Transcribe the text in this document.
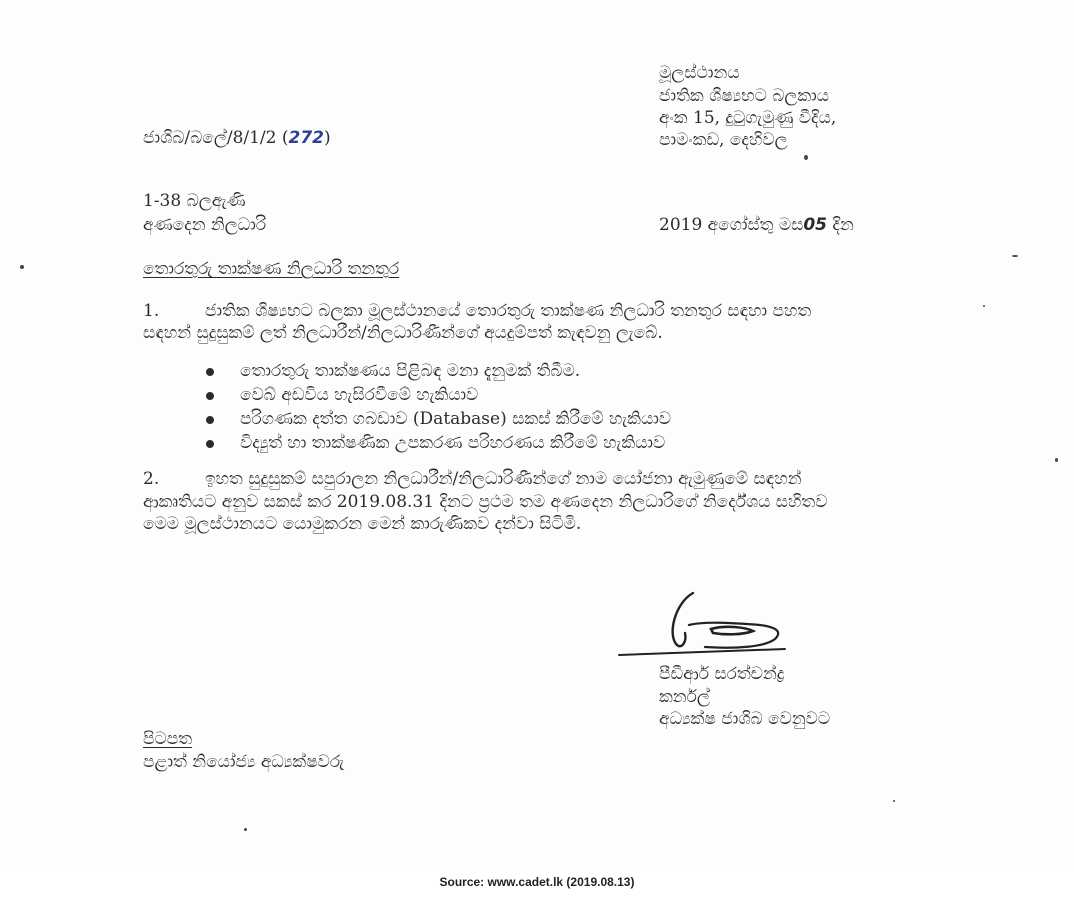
මූලස්ථානය
ජාතික ශිෂ්‍යභට බලකාය
අංක 15, දුටුගැමුණු වීදිය,
පාමංකඩ, දෙහිවල
ජාශිබ/බලේ/8/1/2 (272)
1-38 බලඇණි
අණදෙන නිලධාරි	2019 අගෝස්තු මස05 දින
තොරතුරු තාක්ෂණ නිලධාරි තනතුර
1.	ජාතික ශිෂ්‍යභට බලකා මූලස්ථානයේ තොරතුරු තාක්ෂණ නිලධාරි තනතුර සඳහා පහත
සඳහන් සුදුසුකම් ලත් නිලධාරීන්/නිලධාරිණීන්ගේ අයදුම්පත් කැඳවනු ලැබේ.
තොරතුරු තාක්ෂණය පිළිබඳ මනා දැනුමක් තිබීම.
වෙබ් අඩවිය හැසිරවීමේ හැකියාව
පරිගණක දත්ත ගබඩාව (Database) සකස් කිරීමේ හැකියාව
විද්‍යුත් හා තාක්ෂණික උපකරණ පරිහරණය කිරීමේ හැකියාව
2.	ඉහත සුදුසුකම් සපුරාලන නිලධාරීන්/නිලධාරිණීන්ගේ නාම යෝජනා ඇමුණුමේ සඳහන්
ආකෘතියට අනුව සකස් කර 2019.08.31 දිනට ප්‍රථම තම අණදෙන නිලධාරිගේ නිර්දේශය සහිතව
මෙම මූලස්ථානයට යොමුකරන මෙන් කාරුණිකව දන්වා සිටිමි.
පීඩීආර් සරත්චන්ද්‍ර
කර්නල්
අධ්‍යක්ෂ ජාශිබ වෙනුවට
පිටපත
පළාත් නියෝජ්‍ය අධ්‍යක්ෂවරු
Source: www.cadet.lk (2019.08.13)
